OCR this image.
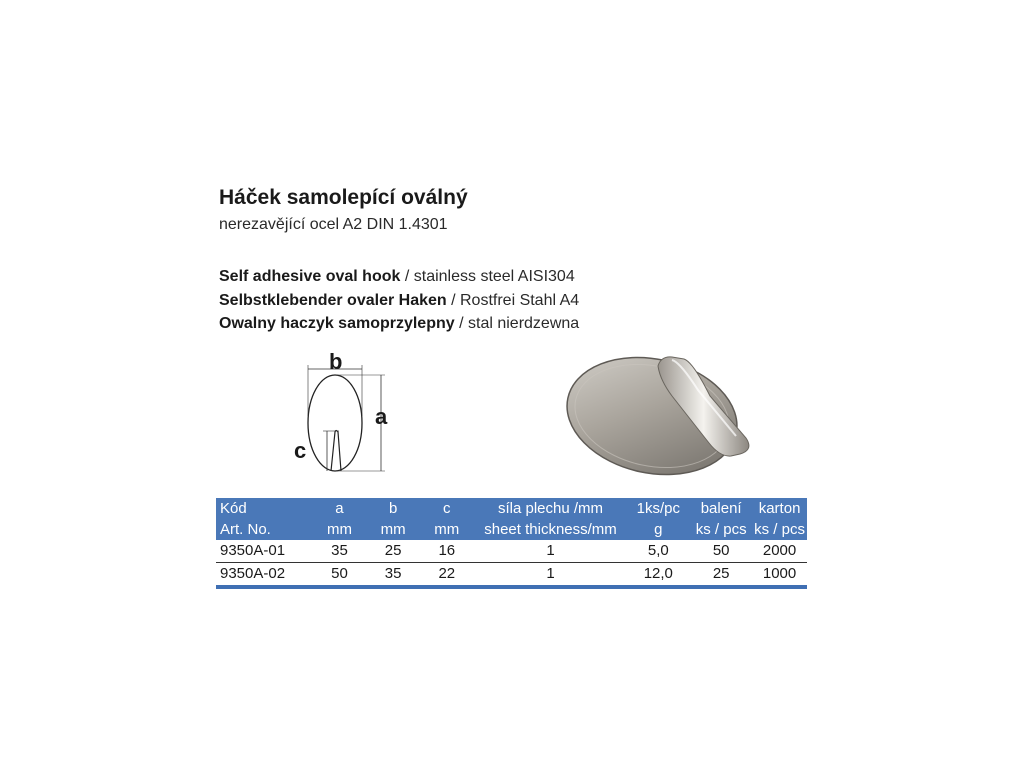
Háček samolepící oválný
nerezavějící ocel A2 DIN 1.4301
Self adhesive oval hook / stainless steel AISI304
Selbstklebender ovaler Haken / Rostfrei Stahl A4
Owalny haczyk samoprzylepny / stal nierdzewna
b
a
c
Kód	a	b	c	síla plechu /mm	1ks/pc	balení	karton
Art. No.	mm	mm	mm	sheet thickness/mm	g	ks / pcs	ks / pcs
9350A-01	35	25	16	1	5,0	50	2000
9350A-02	50	35	22	1	12,0	25	1000
